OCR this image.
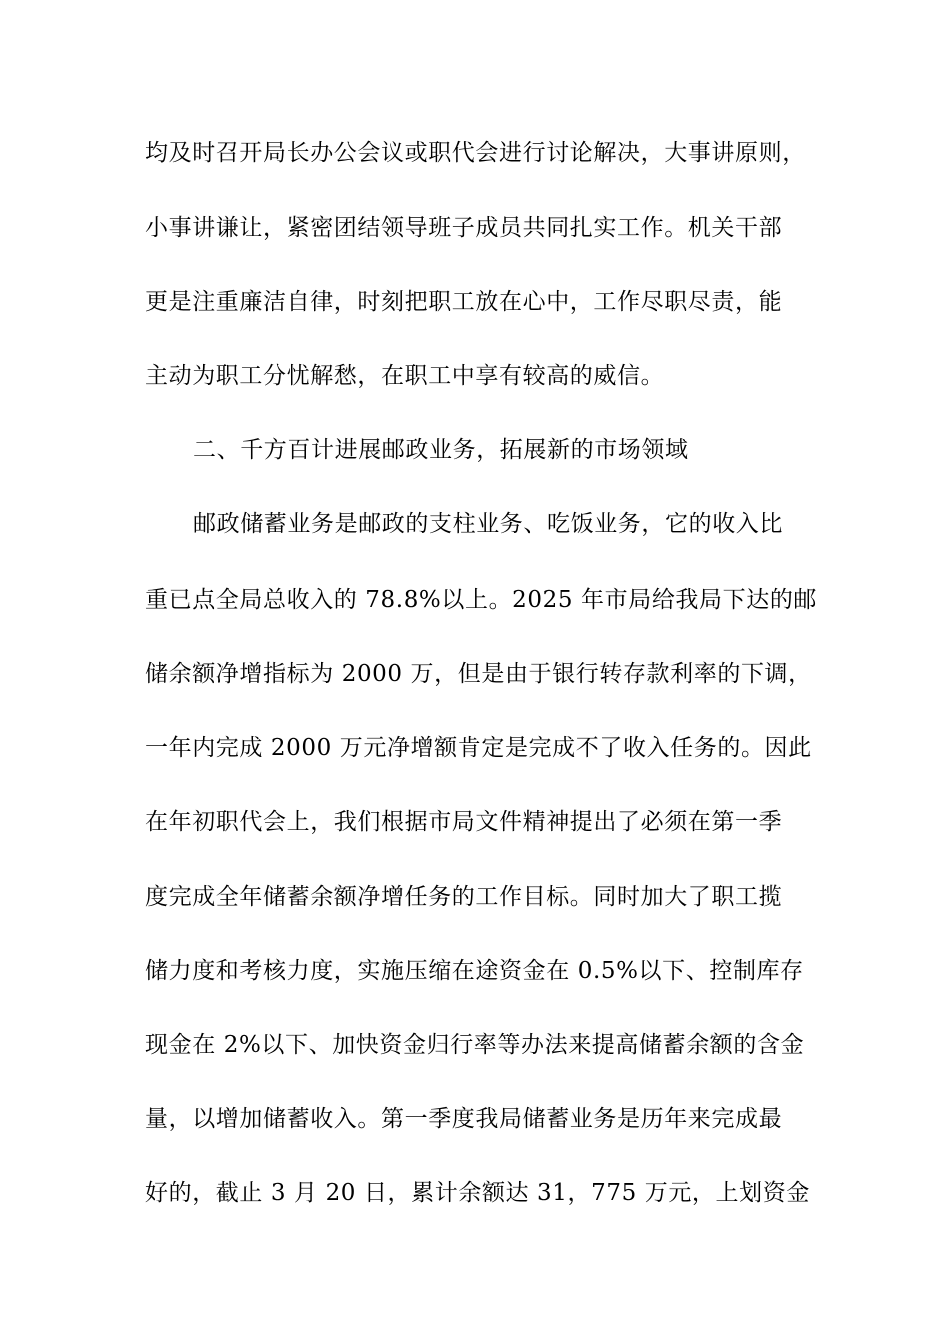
均及时召开局长办公会议或职代会进行讨论解决，大事讲原则，
小事讲谦让，紧密团结领导班子成员共同扎实工作。机关干部
更是注重廉洁自律，时刻把职工放在心中，工作尽职尽责，能
主动为职工分忧解愁，在职工中享有较高的威信。
二、千方百计进展邮政业务，拓展新的市场领域
邮政储蓄业务是邮政的支柱业务、吃饭业务，它的收入比
重已点全局总收入的 78.8%以上。2025 年市局给我局下达的邮
储余额净增指标为 2000 万，但是由于银行转存款利率的下调，
一年内完成 2000 万元净增额肯定是完成不了收入任务的。因此
在年初职代会上，我们根据市局文件精神提出了必须在第一季
度完成全年储蓄余额净增任务的工作目标。同时加大了职工揽
储力度和考核力度，实施压缩在途资金在 0.5%以下、控制库存
现金在 2%以下、加快资金归行率等办法来提高储蓄余额的含金
量，以增加储蓄收入。第一季度我局储蓄业务是历年来完成最
好的，截止 3 月 20 日，累计余额达 31，775 万元，上划资金
